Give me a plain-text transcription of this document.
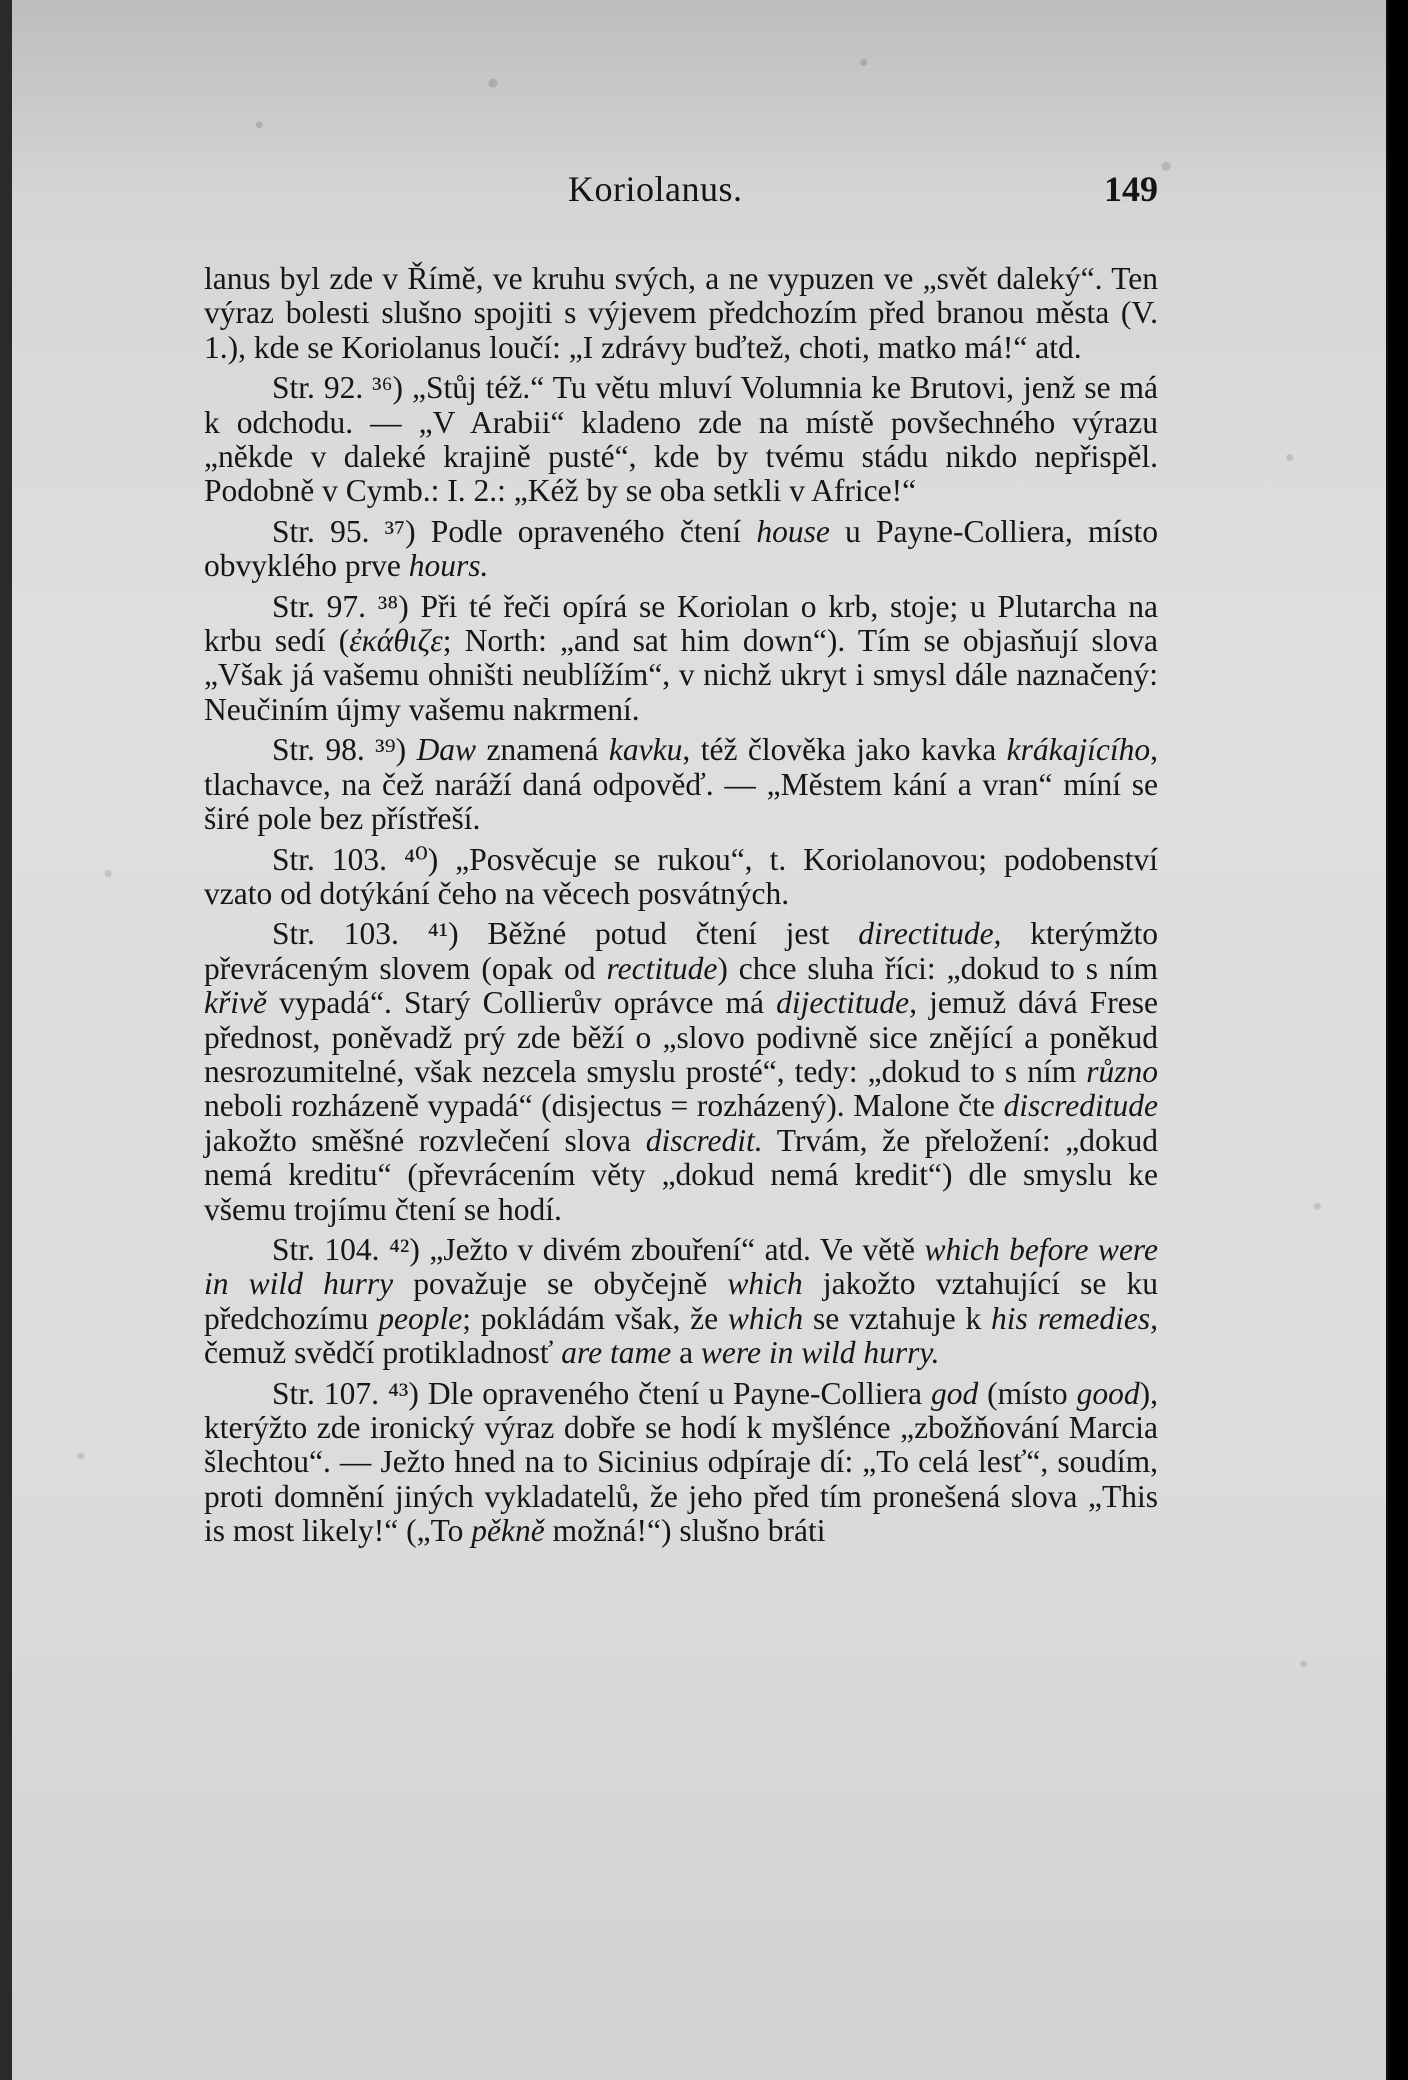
Koriolanus.	149

lanus byl zde v Římě, ve kruhu svých, a ne vypuzen ve „svět daleký“. Ten výraz bolesti slušno spojiti s výjevem předchozím před branou města (V. 1.), kde se Koriolanus loučí: „I zdrávy buďtež, choti, matko má!“ atd.

Str. 92. ³⁶) „Stůj též.“ Tu větu mluví Volumnia ke Brutovi, jenž se má k odchodu. — „V Arabii“ kladeno zde na místě povšechného výrazu „někde v daleké krajině pusté“, kde by tvému stádu nikdo nepřispěl. Podobně v Cymb.: I. 2.: „Kéž by se oba setkli v Africe!“

Str. 95. ³⁷) Podle opraveného čtení house u Payne-Colliera, místo obvyklého prve hours.

Str. 97. ³⁸) Při té řeči opírá se Koriolan o krb, stoje; u Plutarcha na krbu sedí (ἐκάθιζε; North: „and sat him down“). Tím se objasňují slova „Však já vašemu ohništi neublížím“, v nichž ukryt i smysl dále naznačený: Neučiním újmy vašemu nakrmení.

Str. 98. ³⁹) Daw znamená kavku, též člověka jako kavka krákajícího, tlachavce, na čež naráží daná odpověď. — „Městem kání a vran“ míní se širé pole bez přístřeší.

Str. 103. ⁴⁰) „Posvěcuje se rukou“, t. Koriolanovou; podobenství vzato od dotýkání čeho na věcech posvátných.

Str. 103. ⁴¹) Běžné potud čtení jest directitude, kterýmžto převráceným slovem (opak od rectitude) chce sluha říci: „dokud to s ním křivě vypadá“. Starý Collierův oprávce má dijectitude, jemuž dává Frese přednost, poněvadž prý zde běží o „slovo podivně sice znějící a poněkud nesrozumitelné, však nezcela smyslu prosté“, tedy: „dokud to s ním různo neboli rozházeně vypadá“ (disjectus = rozházený). Malone čte discreditude jakožto směšné rozvlečení slova discredit. Trvám, že přeložení: „dokud nemá kreditu“ (převrácením věty „dokud nemá kredit“) dle smyslu ke všemu trojímu čtení se hodí.

Str. 104. ⁴²) „Ježto v divém zbouření“ atd. Ve větě which before were in wild hurry považuje se obyčejně which jakožto vztahující se ku předchozímu people; pokládám však, že which se vztahuje k his remedies, čemuž svědčí protikladnosť are tame a were in wild hurry.

Str. 107. ⁴³) Dle opraveného čtení u Payne-Colliera god (místo good), kterýžto zde ironický výraz dobře se hodí k myšlénce „zbožňování Marcia šlechtou“. — Ježto hned na to Sicinius odpíraje dí: „To celá lesť“, soudím, proti domnění jiných vykladatelů, že jeho před tím pronešená slova „This is most likely!“ („To pěkně možná!“) slušno bráti
